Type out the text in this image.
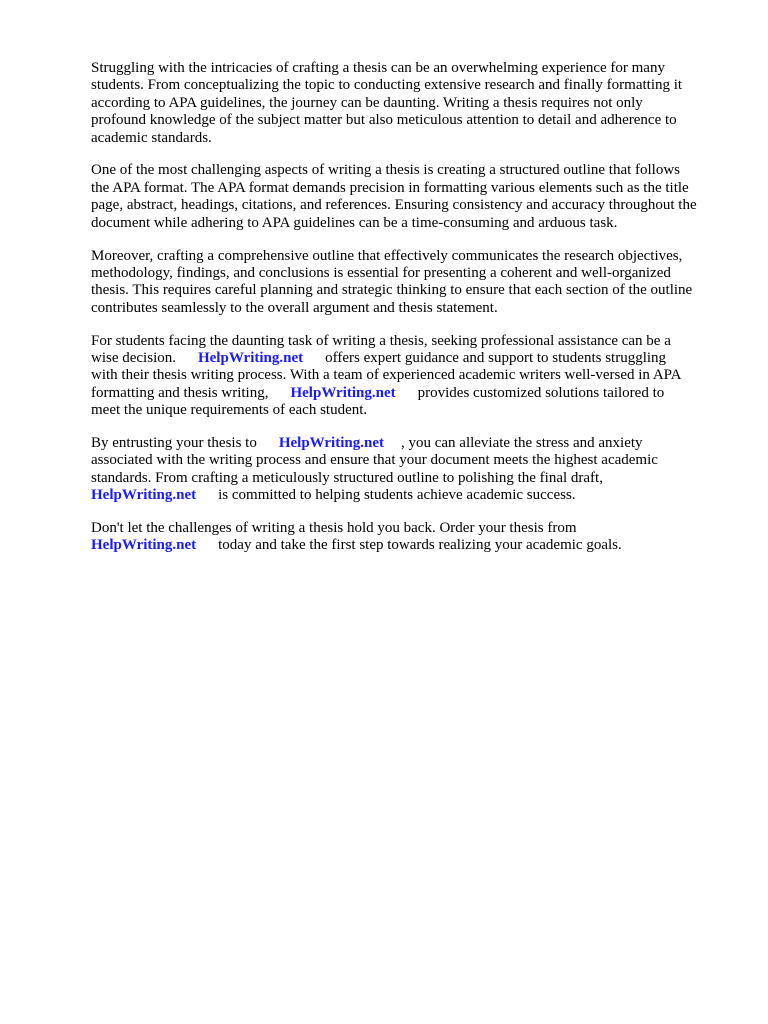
Struggling with the intricacies of crafting a thesis can be an overwhelming experience for many
students. From conceptualizing the topic to conducting extensive research and finally formatting it
according to APA guidelines, the journey can be daunting. Writing a thesis requires not only
profound knowledge of the subject matter but also meticulous attention to detail and adherence to
academic standards.
One of the most challenging aspects of writing a thesis is creating a structured outline that follows
the APA format. The APA format demands precision in formatting various elements such as the title
page, abstract, headings, citations, and references. Ensuring consistency and accuracy throughout the
document while adhering to APA guidelines can be a time-consuming and arduous task.
Moreover, crafting a comprehensive outline that effectively communicates the research objectives,
methodology, findings, and conclusions is essential for presenting a coherent and well-organized
thesis. This requires careful planning and strategic thinking to ensure that each section of the outline
contributes seamlessly to the overall argument and thesis statement.
For students facing the daunting task of writing a thesis, seeking professional assistance can be a
wise decision. HelpWriting.net offers expert guidance and support to students struggling
with their thesis writing process. With a team of experienced academic writers well-versed in APA
formatting and thesis writing, HelpWriting.net provides customized solutions tailored to
meet the unique requirements of each student.
By entrusting your thesis to HelpWriting.net , you can alleviate the stress and anxiety
associated with the writing process and ensure that your document meets the highest academic
standards. From crafting a meticulously structured outline to polishing the final draft,
HelpWriting.net is committed to helping students achieve academic success.
Don't let the challenges of writing a thesis hold you back. Order your thesis from
HelpWriting.net today and take the first step towards realizing your academic goals.
